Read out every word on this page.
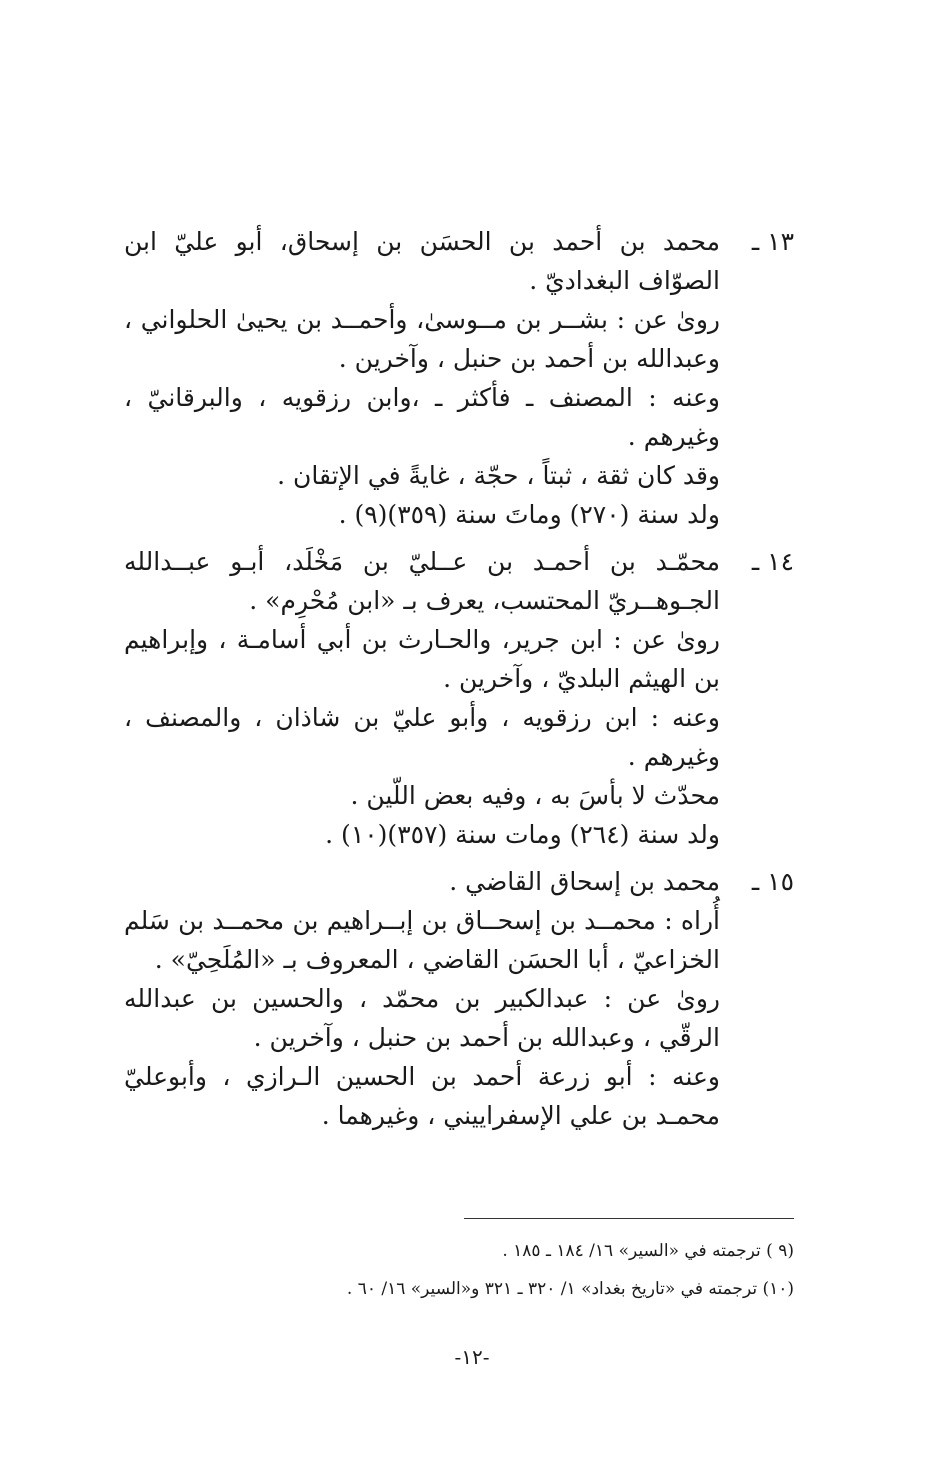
١٣ ـمحمد بن أحمد بن الحسَن بن إسحاق، أبو عليّ ابن الصوّاف البغداديّ .
روىٰ عن : بشــر بن مــوسىٰ، وأحمــد بن يحيىٰ الحلواني ، وعبدالله بن أحمد بن حنبل ، وآخرين .
وعنه : المصنف ـ فأكثر ـ ،وابن رزقويه ، والبرقانيّ ، وغيرهم .
وقد كان ثقة ، ثبتاً ، حجّة ، غايةً في الإتقان .
ولد سنة (٢٧٠) وماتَ سنة (٣٥٩)(٩) .
١٤ ـمحمّـد بن أحمـد بن عــليّ بن مَخْلَد، أبـو عبــدالله الجـوهــريّ المحتسب، يعرف بـ «ابن مُحْرِم» .
روىٰ عن : ابن جرير، والحـارث بن أبي أسامـة ، وإبراهيم بن الهيثم البلديّ ، وآخرين .
وعنه : ابن رزقويه ، وأبو عليّ بن شاذان ، والمصنف ، وغيرهم .
محدّث لا بأسَ به ، وفيه بعض اللّين .
ولد سنة (٢٦٤) ومات سنة (٣٥٧)(١٠) .
١٥ ـمحمد بن إسحاق القاضي .
أُراه : محمــد بن إسحــاق بن إبــراهيم بن محمــد بن سَلم الخزاعيّ ، أبا الحسَن القاضي ، المعروف بـ «المُلَحِيّ» .
روىٰ عن : عبدالكبير بن محمّد ، والحسين بن عبدالله الرقّي ، وعبدالله بن أحمد بن حنبل ، وآخرين .
وعنه : أبو زرعة أحمد بن الحسين الـرازي ، وأبوعليّ محمـد بن علي الإسفراييني ، وغيرهما .
(٩ ) ترجمته في «السير» ١٦/ ١٨٤ ـ ١٨٥ .
(١٠) ترجمته في «تاريخ بغداد» ١/ ٣٢٠ ـ ٣٢١ و«السير» ١٦/ ٦٠ .
-١٢-
